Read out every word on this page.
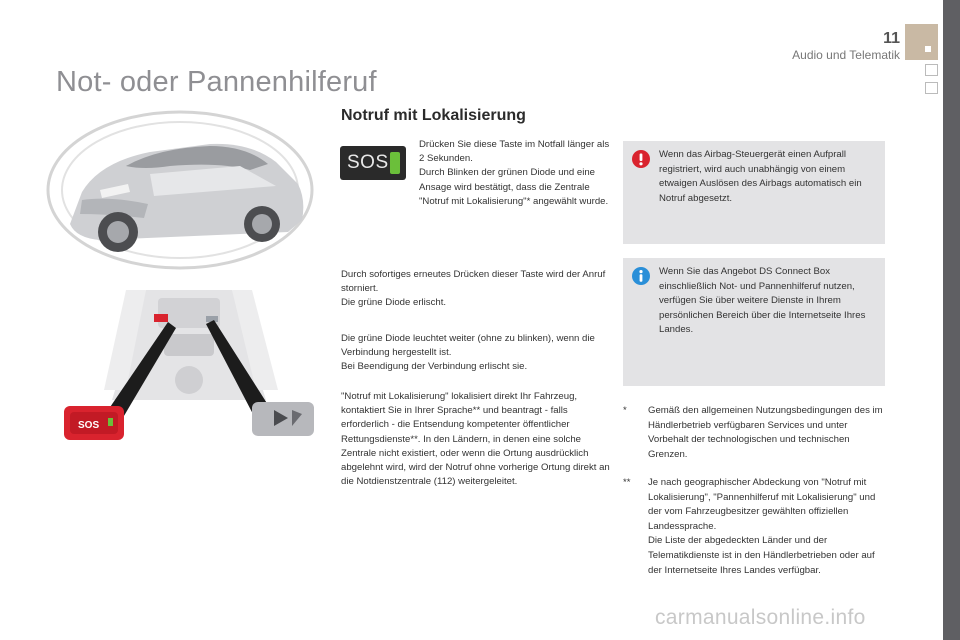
11
Audio und Telematik
Not- oder Pannenhilferuf
Notruf mit Lokalisierung
SOS
SOS

Drücken Sie diese Taste im Notfall länger als 2 Sekunden.

Durch Blinken der grünen Diode und eine Ansage wird bestätigt, dass die Zentrale "Notruf mit Lokalisierung"* angewählt wurde.

Durch sofortiges erneutes Drücken dieser Taste wird der Anruf storniert.

Die grüne Diode erlischt.

Die grüne Diode leuchtet weiter (ohne zu blinken), wenn die Verbindung hergestellt ist.

Bei Beendigung der Verbindung erlischt sie.

"Notruf mit Lokalisierung" lokalisiert direkt Ihr Fahrzeug, kontaktiert Sie in Ihrer Sprache** und beantragt - falls erforderlich - die Entsendung kompetenter öffentlicher Rettungsdienste**. In den Ländern, in denen eine solche Zentrale nicht existiert, oder wenn die Ortung ausdrücklich abgelehnt wird, wird der Notruf ohne vorherige Ortung direkt an die Notdienstzentrale (112) weitergeleitet.

Wenn das Airbag-Steuergerät einen Aufprall registriert, wird auch unabhängig von einem etwaigen Auslösen des Airbags automatisch ein Notruf abgesetzt.
Wenn Sie das Angebot DS Connect Box einschließlich Not- und Pannenhilferuf nutzen, verfügen Sie über weitere Dienste in Ihrem persönlichen Bereich über die Internetseite Ihres Landes.
* Gemäß den allgemeinen Nutzungsbedingungen des im Händlerbetrieb verfügbaren Services und unter Vorbehalt der technologischen und technischen Grenzen.

** Je nach geographischer Abdeckung von "Notruf mit Lokalisierung", "Pannenhilferuf mit Lokalisierung" und der vom Fahrzeugbesitzer gewählten offiziellen Landessprache.

Die Liste der abgedeckten Länder und der Telematikdienste ist in den Händlerbetrieben oder auf der Internetseite Ihres Landes verfügbar.

carmanualsonline.info
